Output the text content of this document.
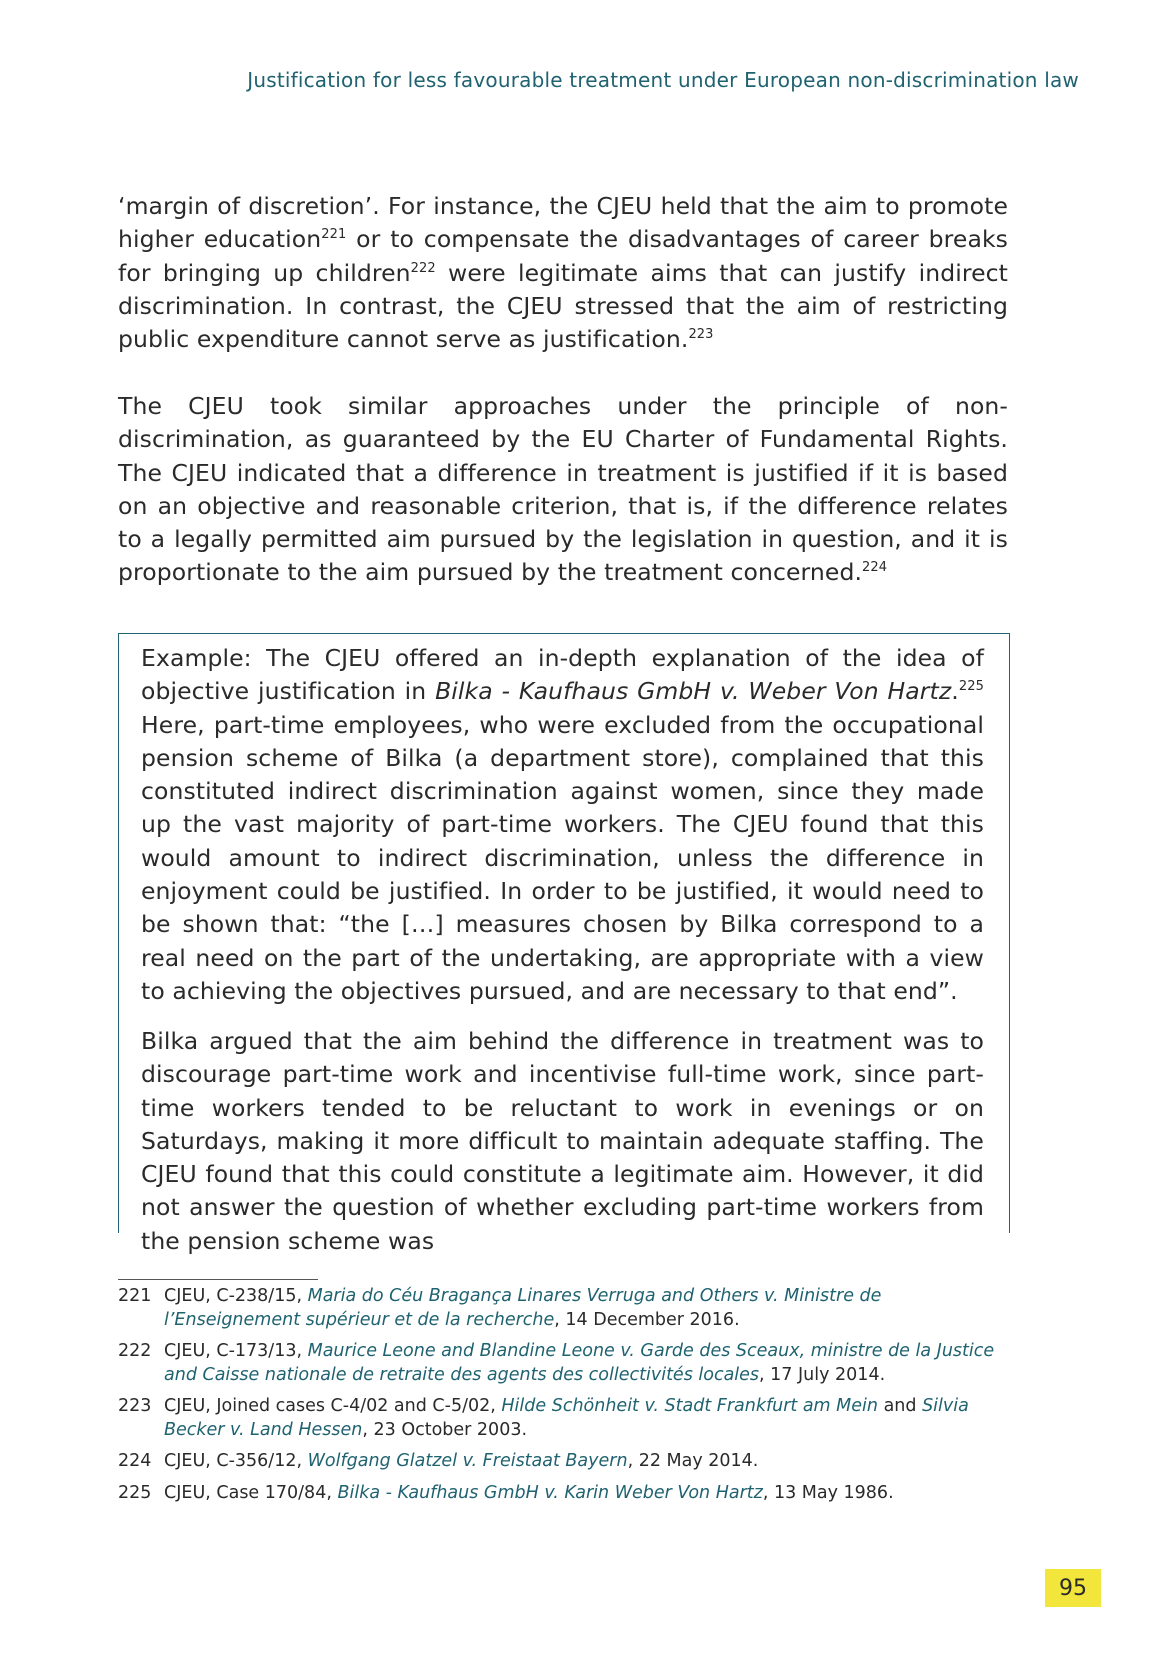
Justification for less favourable treatment under European non-discrimination law

‘margin of discretion’. For instance, the CJEU held that the aim to promote higher education$^{221}$ or to compensate the disadvantages of career breaks for bringing up children$^{222}$ were legitimate aims that can justify indirect discrimination. In contrast, the CJEU stressed that the aim of restricting public expenditure cannot serve as justification.$^{223}$

The CJEU took similar approaches under the principle of non-discrimination, as guaranteed by the EU Charter of Fundamental Rights. The CJEU indicated that a difference in treatment is justified if it is based on an objective and reasonable criterion, that is, if the difference relates to a legally permitted aim pursued by the legislation in question, and it is proportionate to the aim pursued by the treatment concerned.$^{224}$

Example: The CJEU offered an in-depth explanation of the idea of objective justification in Bilka - Kaufhaus GmbH v. Weber Von Hartz.$^{225}$ Here, part-time employees, who were excluded from the occupational pension scheme of Bilka (a department store), complained that this constituted indirect discrimination against women, since they made up the vast majority of part-time workers. The CJEU found that this would amount to indirect discrimination, unless the difference in enjoyment could be justified. In order to be justified, it would need to be shown that: “the […] measures chosen by Bilka correspond to a real need on the part of the undertaking, are appropriate with a view to achieving the objectives pursued, and are necessary to that end”.

Bilka argued that the aim behind the difference in treatment was to discourage part-time work and incentivise full-time work, since part-time workers tended to be reluctant to work in evenings or on Saturdays, making it more difficult to maintain adequate staffing. The CJEU found that this could constitute a legitimate aim. However, it did not answer the question of whether excluding part-time workers from the pension scheme was

221 CJEU, C-238/15, Maria do Céu Bragança Linares Verruga and Others v. Ministre de l’Enseignement supérieur et de la recherche, 14 December 2016.
222 CJEU, C-173/13, Maurice Leone and Blandine Leone v. Garde des Sceaux, ministre de la Justice and Caisse nationale de retraite des agents des collectivités locales, 17 July 2014.
223 CJEU, Joined cases C-4/02 and C-5/02, Hilde Schönheit v. Stadt Frankfurt am Mein and Silvia Becker v. Land Hessen, 23 October 2003.
224 CJEU, C-356/12, Wolfgang Glatzel v. Freistaat Bayern, 22 May 2014.
225 CJEU, Case 170/84, Bilka - Kaufhaus GmbH v. Karin Weber Von Hartz, 13 May 1986.
95
